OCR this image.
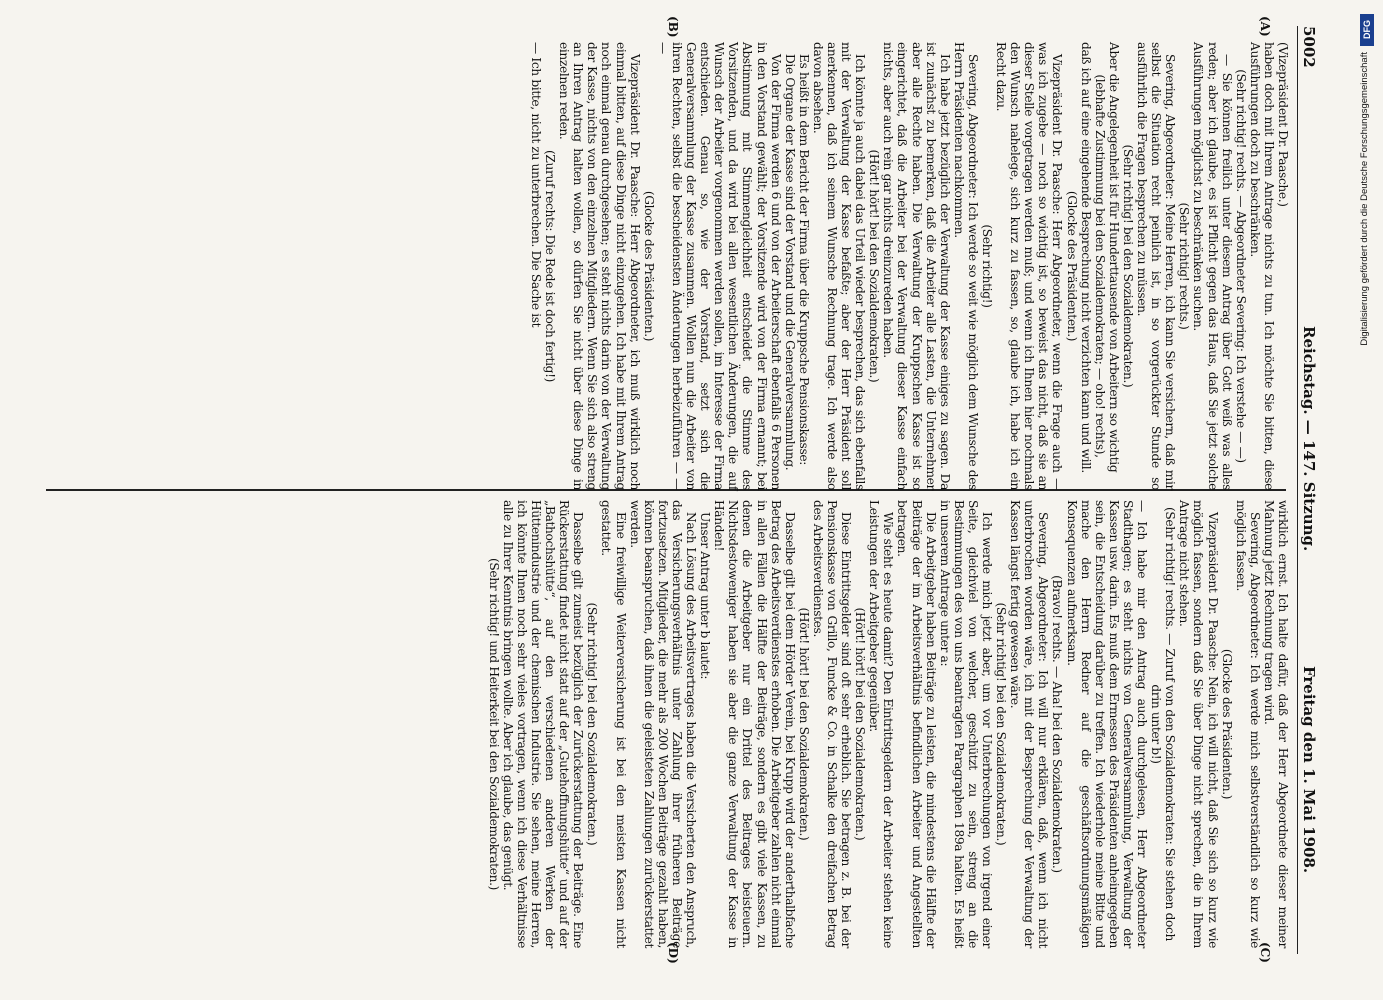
5002
Reichstag. — 147. Sitzung.
Freitag den 1. Mai 1908.
(A)
(B)
(C)
(D)

(Vizepräsident Dr. Paasche.)

haben doch mit Ihrem Antrage nichts zu tun. Ich möchte Sie bitten, diese Ausführungen doch zu beschränken.

(Sehr richtig! rechts. — Abgeordneter Severing: Ich verstehe — —)

— Sie können freilich unter diesem Antrag über Gott weiß was alles reden; aber ich glaube, es ist Pflicht gegen das Haus, daß Sie jetzt solche Ausführungen möglichst zu beschränken suchen.

(Sehr richtig! rechts.)

Severing, Abgeordneter: Meine Herren, ich kann Sie versichern, daß mir selbst die Situation recht peinlich ist, in so vorgerückter Stunde so ausführlich die Fragen besprechen zu müssen.

(Sehr richtig! bei den Sozialdemokraten.)

Aber die Angelegenheit ist für Hunderttausende von Arbeitern so wichtig

(lebhafte Zustimmung bei den Sozialdemokraten; — oho! rechts),

daß ich auf eine eingehende Besprechung nicht verzichten kann und will.

(Glocke des Präsidenten.)

Vizepräsident Dr. Paasche: Herr Abgeordneter, wenn die Frage auch — was ich zugebe — noch so wichtig ist, so beweist das nicht, daß sie an dieser Stelle vorgetragen werden muß; und wenn ich Ihnen hier nochmals den Wunsch nahelege, sich kurz zu fassen, so, glaube ich, habe ich ein Recht dazu.

(Sehr richtig!)

Severing, Abgeordneter: Ich werde so weit wie möglich dem Wunsche des Herrn Präsidenten nachkommen.

Ich habe jetzt bezüglich der Verwaltung der Kasse einiges zu sagen. Da ist zunächst zu bemerken, daß die Arbeiter alle Lasten, die Unternehmer aber alle Rechte haben. Die Verwaltung der Kruppschen Kasse ist so eingerichtet, daß die Arbeiter bei der Verwaltung dieser Kasse einfach nichts, aber auch rein gar nichts dreinzureden haben.

(Hört! hört! bei den Sozialdemokraten.)

Ich könnte ja auch dabei das Urteil wieder besprechen, das sich ebenfalls mit der Verwaltung der Kasse befaßte; aber der Herr Präsident soll anerkennen, daß ich seinem Wunsche Rechnung trage. Ich werde also davon absehen.

Es heißt in dem Bericht der Firma über die Kruppsche Pensionskasse:

Die Organe der Kasse sind der Vorstand und die Generalversammlung.

Von der Firma werden 6 und von der Arbeiterschaft ebenfalls 6 Personen in den Vorstand gewählt; der Vorsitzende wird von der Firma ernannt; bei Abstimmung mit Stimmengleichheit entscheidet die Stimme des Vorsitzenden, und da wird bei allen wesentlichen Änderungen, die auf Wunsch der Arbeiter vorgenommen werden sollen, im Interesse der Firma entschieden. Genau so, wie der Vorstand, setzt sich die Generalversammlung der Kasse zusammen. Wollen nun die Arbeiter von ihren Rechten, selbst die bescheidensten Änderungen herbeizuführen — — —

(Glocke des Präsidenten.)

Vizepräsident Dr. Paasche: Herr Abgeordneter, ich muß wirklich noch einmal bitten, auf diese Dinge nicht einzugehen. Ich habe mit Ihrem Antrag noch einmal genau durchgesehen; es steht nichts darin von der Verwaltung der Kasse, nichts von den einzelnen Mitgliedern. Wenn Sie sich also streng an Ihren Antrag halten wollen, so dürfen Sie nicht über diese Dinge in einzelnen reden.

(Zuruf rechts: Die Rede ist doch fertig!)

— Ich bitte, nicht zu unterbrechen. Die Sache ist

wirklich ernst. Ich halte dafür, daß der Herr Abgeordnete dieser meiner Mahnung jetzt Rechnung tragen wird.

Severing, Abgeordneter: Ich werde mich selbstverständlich so kurz wie möglich fassen.

(Glocke des Präsidenten.)

Vizepräsident Dr. Paasche: Nein, ich will nicht, daß Sie sich so kurz wie möglich fassen, sondern daß Sie über Dinge nicht sprechen, die in Ihrem Antrage nicht stehen.

(Sehr richtig! rechts. — Zuruf von den Sozialdemokraten: Sie stehen doch drin unter b!)

— Ich habe mir den Antrag auch durchgelesen, Herr Abgeordneter Stadthagen; es steht nichts von Generalversammlung, Verwaltung der Kassen usw. darin. Es muß dem Ermessen des Präsidenten anheimgegeben sein, die Entscheidung darüber zu treffen. Ich wiederhole meine Bitte und mache den Herrn Redner auf die geschäftsordnungsmäßigen Konsequenzen aufmerksam.

(Bravo! rechts. — Aha! bei den Sozialdemokraten.)

Severing, Abgeordneter: Ich will nur erklären, daß, wenn ich nicht unterbrochen worden wäre, ich mit der Besprechung der Verwaltung der Kassen längst fertig gewesen wäre.

(Sehr richtig! bei den Sozialdemokraten.)

Ich werde mich jetzt aber, um vor Unterbrechungen von irgend einer Seite, gleichviel von welcher, geschützt zu sein, streng an die Bestimmungen des von uns beantragten Paragraphen 189a halten. Es heißt in unserem Antrage unter a:

Die Arbeitgeber haben Beiträge zu leisten, die mindestens die Hälfte der Beiträge der im Arbeitsverhältnis befindlichen Arbeiter und Angestellten betragen.

Wie steht es heute damit? Den Eintrittsgeldern der Arbeiter stehen keine Leistungen der Arbeitgeber gegenüber.

(Hört! hört! bei den Sozialdemokraten.)

Diese Eintrittsgelder sind oft sehr erheblich. Sie betragen z. B. bei der Pensionskasse von Grillo, Funcke & Co. in Schalke den dreifachen Betrag des Arbeitsverdienstes.

(Hört! hört! bei den Sozialdemokraten.)

Dasselbe gilt bei dem Hörder Verein, bei Krupp wird der anderthalbfache Betrag des Arbeitsverdienstes erhoben. Die Arbeitgeber zahlen nicht einmal in allen Fällen die Hälfte der Beiträge, sondern es gibt viele Kassen, zu denen die Arbeitgeber nur ein Drittel des Beitrages beisteuern. Nichtsdestoweniger haben sie aber die ganze Verwaltung der Kasse in Händen!

Unser Antrag unter b lautet:

Nach Lösung des Arbeitsvertrages haben die Versicherten den Anspruch, das Versicherungsverhältnis unter Zahlung ihrer früheren Beiträge fortzusetzen. Mitglieder, die mehr als 200 Wochen Beiträge gezahlt haben, können beanspruchen, daß ihnen die geleisteten Zahlungen zurückerstattet werden.

Eine freiwillige Weiterversicherung ist bei den meisten Kassen nicht gestattet.

(Sehr richtig! bei den Sozialdemokraten.)

Dasselbe gilt zumeist bezüglich der Zurückerstattung der Beiträge. Eine Rückerstattung findet nicht statt auf der „Gutehoffnungshütte“ und auf der „Bathochshütte“, auf den verschiedenen anderen Werken der Hüttenindustrie und der chemischen Industrie. Sie sehen, meine Herren, ich könnte Ihnen noch sehr vieles vortragen, wenn ich diese Verhältnisse alle zu Ihrer Kenntnis bringen wollte. Aber ich glaube, das genügt.

(Sehr richtig! und Heiterkeit bei den Sozialdemokraten.)

DFG
Digitalisierung gefördert durch die Deutsche Forschungsgemeinschaft
